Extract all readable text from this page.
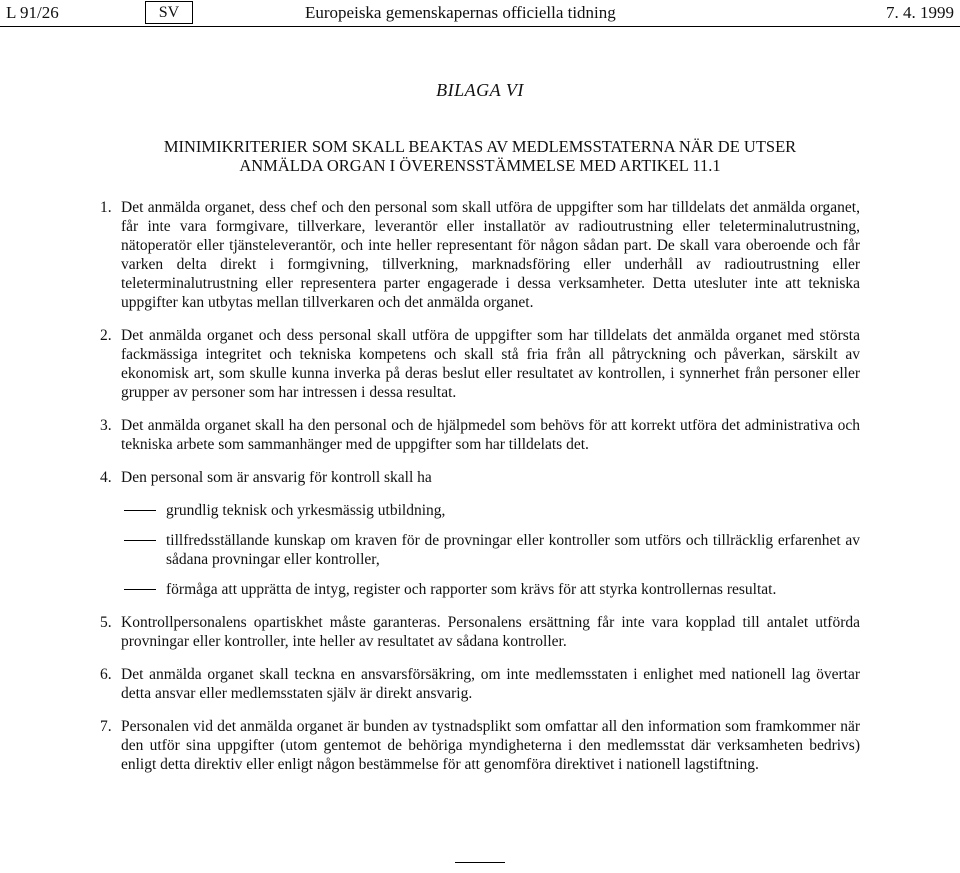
L 91/26	SV	Europeiska gemenskapernas officiella tidning	7. 4. 1999
BILAGA VI
MINIMIKRITERIER SOM SKALL BEAKTAS AV MEDLEMSSTATERNA NÄR DE UTSER
ANMÄLDA ORGAN I ÖVERENSSTÄMMELSE MED ARTIKEL 11.1
1. Det anmälda organet, dess chef och den personal som skall utföra de uppgifter som har tilldelats det anmälda organet, får inte vara formgivare, tillverkare, leverantör eller installatör av radioutrustning eller teleterminalutrustning, nätoperatör eller tjänsteleverantör, och inte heller representant för någon sådan part. De skall vara oberoende och får varken delta direkt i formgivning, tillverkning, marknadsföring eller underhåll av radioutrustning eller teleterminalutrustning eller representera parter engagerade i dessa verksamheter. Detta utesluter inte att tekniska uppgifter kan utbytas mellan tillverkaren och det anmälda organet.

2. Det anmälda organet och dess personal skall utföra de uppgifter som har tilldelats det anmälda organet med största fackmässiga integritet och tekniska kompetens och skall stå fria från all påtryckning och påverkan, särskilt av ekonomisk art, som skulle kunna inverka på deras beslut eller resultatet av kontrollen, i synnerhet från personer eller grupper av personer som har intressen i dessa resultat.

3. Det anmälda organet skall ha den personal och de hjälpmedel som behövs för att korrekt utföra det administrativa och tekniska arbete som sammanhänger med de uppgifter som har tilldelats det.

4. Den personal som är ansvarig för kontroll skall ha

grundlig teknisk och yrkesmässig utbildning,

tillfredsställande kunskap om kraven för de provningar eller kontroller som utförs och tillräcklig erfarenhet av sådana provningar eller kontroller,

förmåga att upprätta de intyg, register och rapporter som krävs för att styrka kontrollernas resultat.

5. Kontrollpersonalens opartiskhet måste garanteras. Personalens ersättning får inte vara kopplad till antalet utförda provningar eller kontroller, inte heller av resultatet av sådana kontroller.

6. Det anmälda organet skall teckna en ansvarsförsäkring, om inte medlemsstaten i enlighet med nationell lag övertar detta ansvar eller medlemsstaten själv är direkt ansvarig.

7. Personalen vid det anmälda organet är bunden av tystnadsplikt som omfattar all den information som framkommer när den utför sina uppgifter (utom gentemot de behöriga myndigheterna i den medlemsstat där verksamheten bedrivs) enligt detta direktiv eller enligt någon bestämmelse för att genomföra direktivet i nationell lagstiftning.
